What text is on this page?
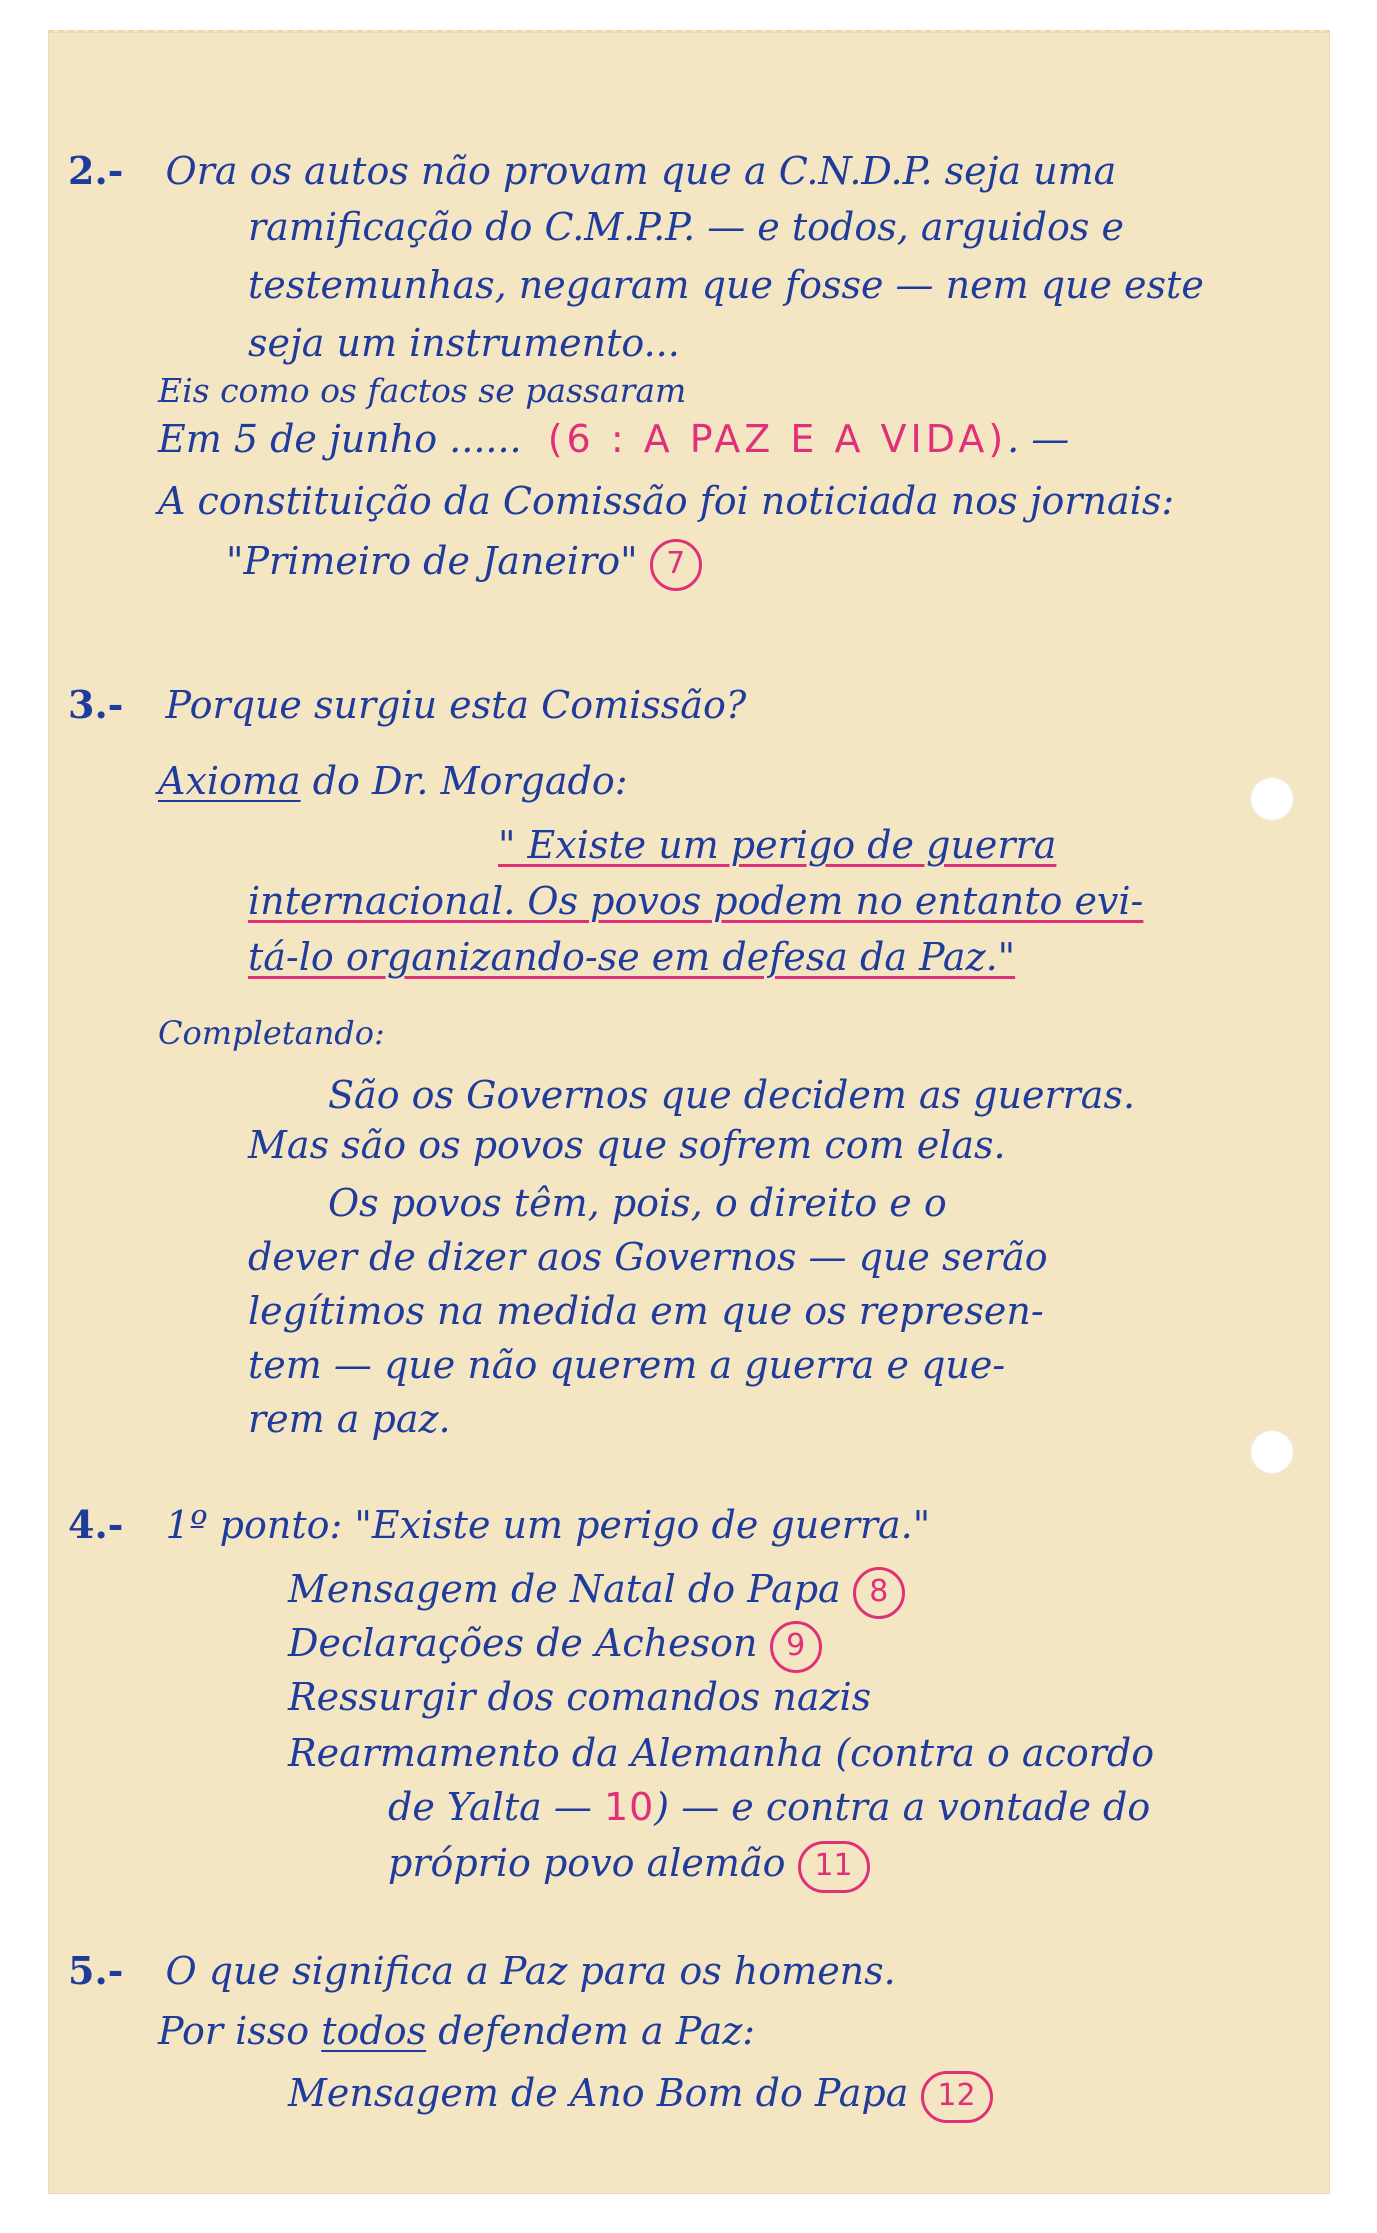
2.- Ora os autos não provam que a C.N.D.P. seja uma
ramificação do C.M.P.P. — e todos, arguidos e
testemunhas, negaram que fosse — nem que este
seja um instrumento...
Eis como os factos se passaram
Em 5 de junho ...... (6 : A PAZ E A VIDA). —
A constituição da Comissão foi noticiada nos jornais:
"Primeiro de Janeiro" 7
3.- Porque surgiu esta Comissão?
Axioma do Dr. Morgado:
" Existe um perigo de guerra
internacional. Os povos podem no entanto evi-
tá-lo organizando-se em defesa da Paz."
Completando:
São os Governos que decidem as guerras.
Mas são os povos que sofrem com elas.
Os povos têm, pois, o direito e o
dever de dizer aos Governos — que serão
legítimos na medida em que os represen-
tem — que não querem a guerra e que-
rem a paz.
4.- 1º ponto: "Existe um perigo de guerra."
Mensagem de Natal do Papa 8
Declarações de Acheson 9
Ressurgir dos comandos nazis
Rearmamento da Alemanha (contra o acordo
de Yalta — 10) — e contra a vontade do
próprio povo alemão 11
5.- O que significa a Paz para os homens.
Por isso todos defendem a Paz:
Mensagem de Ano Bom do Papa 12
